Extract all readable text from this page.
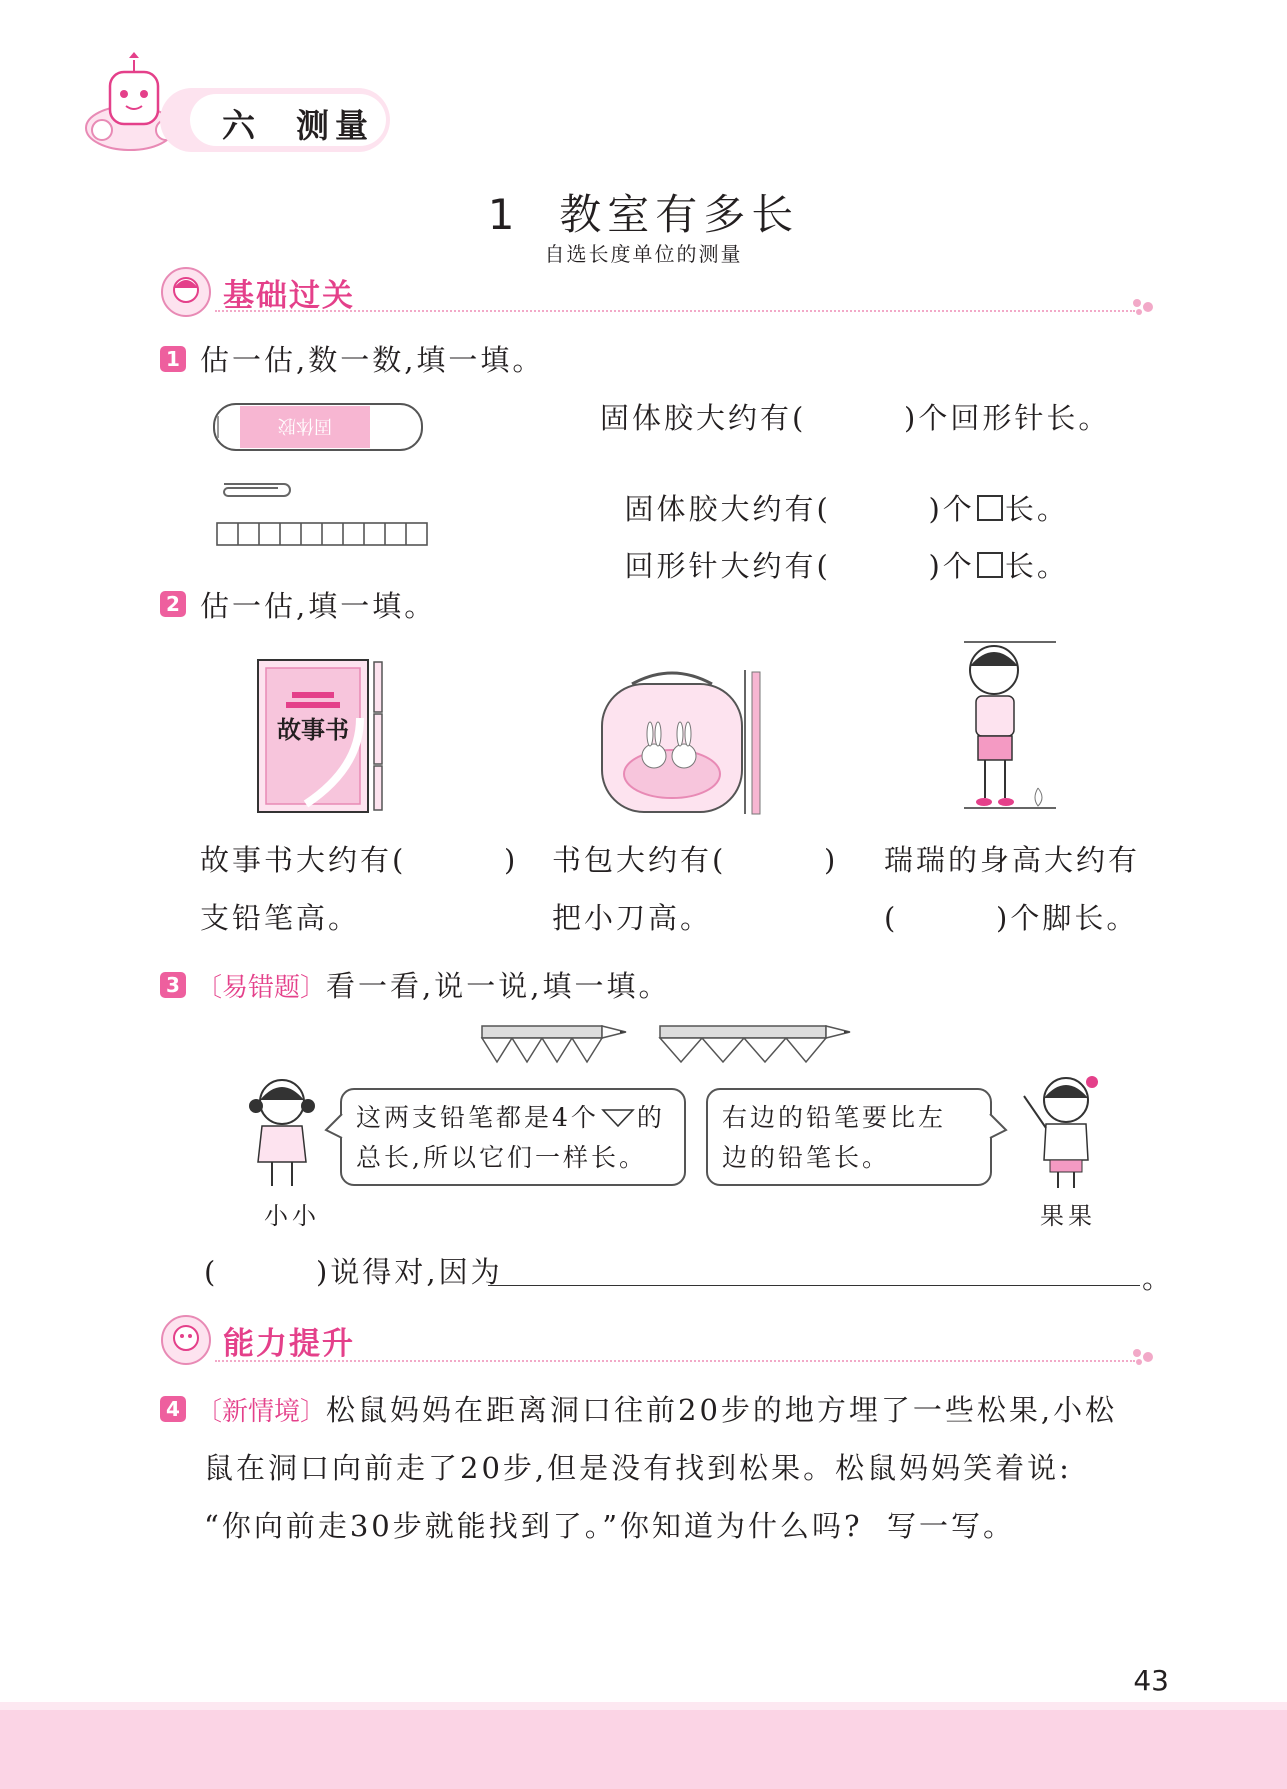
六  测量
1  教室有多长
自选长度单位的测量
基础过关
1 估一估,数一数,填一填。
固体胶	固体胶大约有(        )个回形针长。

固体胶大约有(        )个 长。

回形针大约有(        )个 长。

2 估一估,填一填。
故事书
故事书大约有(        )
支铅笔高。
书包大约有(        )
把小刀高。
瑞瑞的身高大约有
(        )个脚长。
3 〔易错题〕看一看,说一说,填一填。
这两支铅笔都是4个 的
总长,所以它们一样长。
右边的铅笔要比左
边的铅笔长。
小小	果果
(        )说得对,因为	。
能力提升
4 〔新情境〕松鼠妈妈在距离洞口往前20步的地方埋了一些松果,小松
鼠在洞口向前走了20步,但是没有找到松果。松鼠妈妈笑着说:
“你向前走30步就能找到了。”你知道为什么吗?  写一写。
43
